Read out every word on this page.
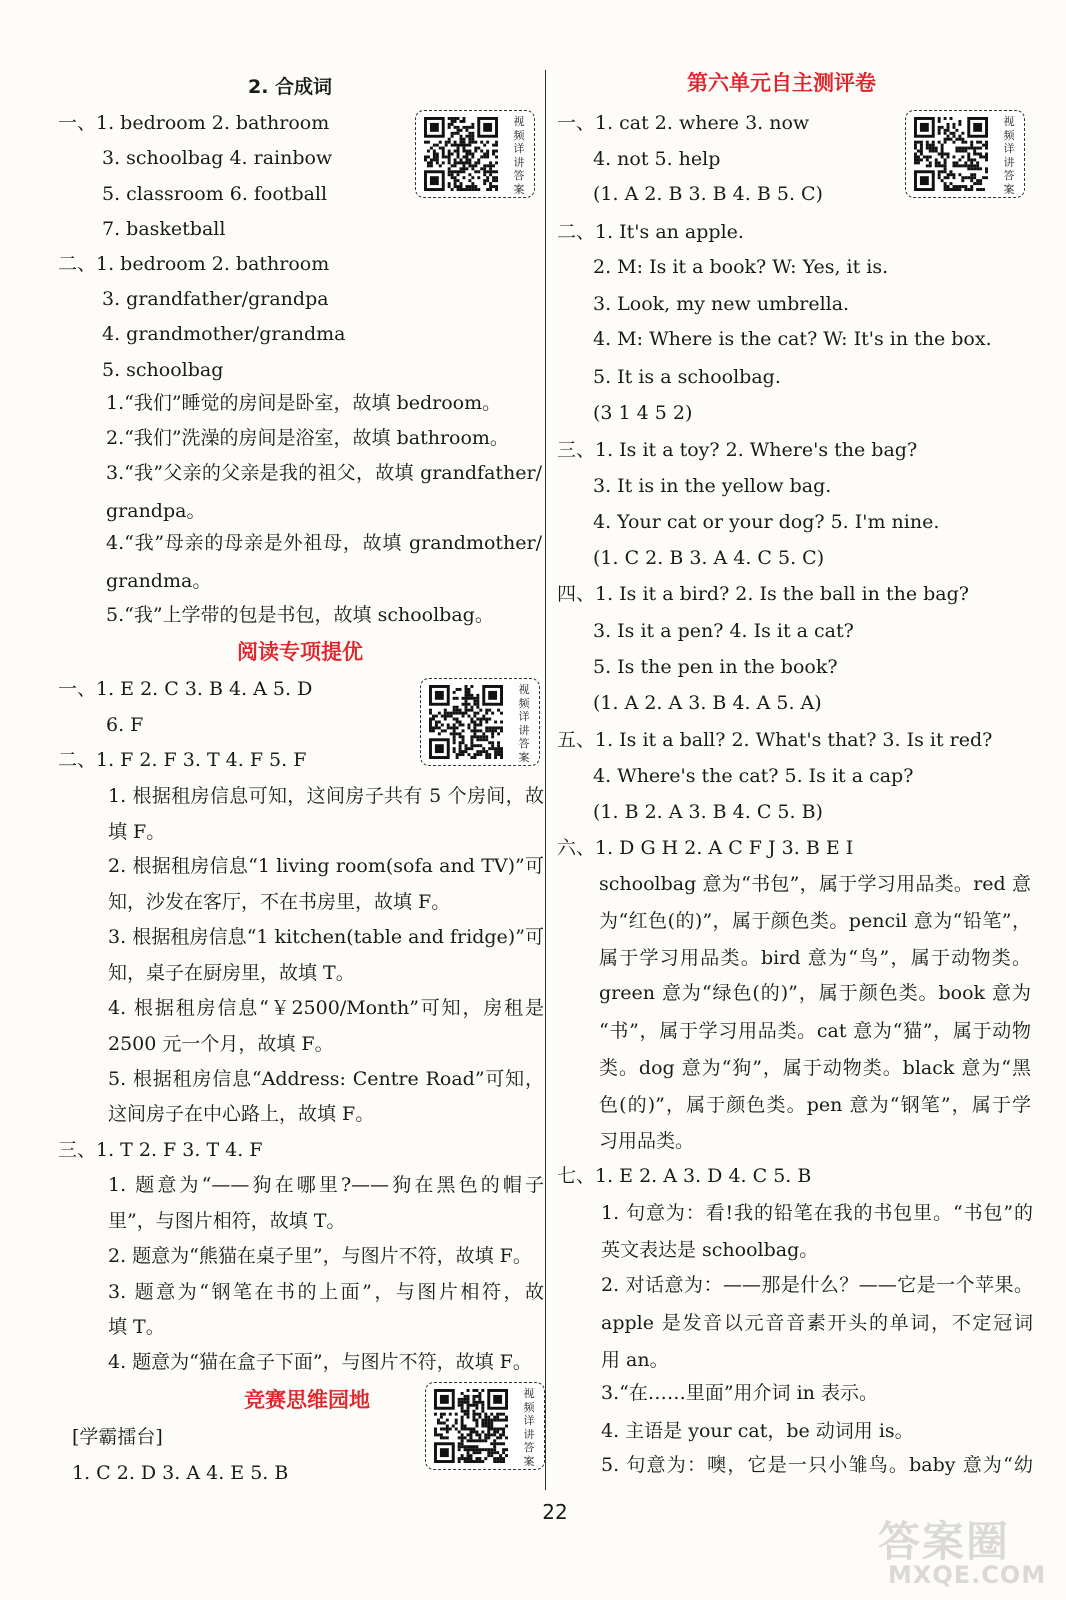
2. 合成词
一、1. bedroom 2. bathroom
3. schoolbag 4. rainbow
5. classroom 6. football
7. basketball
二、1. bedroom 2. bathroom
3. grandfather/grandpa
4. grandmother/grandma
5. schoolbag
1.“我们”睡觉的房间是卧室，故填 bedroom。
2.“我们”洗澡的房间是浴室，故填 bathroom。
3.“我”父亲的父亲是我的祖父，故填 grandfather/
grandpa。
4.“我”母亲的母亲是外祖母，故填 grandmother/
grandma。
5.“我”上学带的包是书包，故填 schoolbag。
阅读专项提优
一、1. E 2. C 3. B 4. A 5. D
6. F
二、1. F 2. F 3. T 4. F 5. F
1. 根据租房信息可知，这间房子共有 5 个房间，故
填 F。
2. 根据租房信息“1 living room(sofa and TV)”可
知，沙发在客厅，不在书房里，故填 F。
3. 根据租房信息“1 kitchen(table and fridge)”可
知，桌子在厨房里，故填 T。
4. 根据租房信息“￥2500/Month”可知，房租是
2500 元一个月，故填 F。
5. 根据租房信息“Address: Centre Road”可知，
这间房子在中心路上，故填 F。
三、1. T 2. F 3. T 4. F
1. 题意为“——狗在哪里?——狗在黑色的帽子
里”，与图片相符，故填 T。
2. 题意为“熊猫在桌子里”，与图片不符，故填 F。
3. 题意为“钢笔在书的上面”，与图片相符，故
填 T。
4. 题意为“猫在盒子下面”，与图片不符，故填 F。
竞赛思维园地
[学霸擂台]
1. C 2. D 3. A 4. E 5. B
第六单元自主测评卷
一、1. cat 2. where 3. now
4. not 5. help
(1. A 2. B 3. B 4. B 5. C)
二、1. It's an apple.
2. M: Is it a book? W: Yes, it is.
3. Look, my new umbrella.
4. M: Where is the cat? W: It's in the box.
5. It is a schoolbag.
(3 1 4 5 2)
三、1. Is it a toy? 2. Where's the bag?
3. It is in the yellow bag.
4. Your cat or your dog? 5. I'm nine.
(1. C 2. B 3. A 4. C 5. C)
四、1. Is it a bird? 2. Is the ball in the bag?
3. Is it a pen? 4. Is it a cat?
5. Is the pen in the book?
(1. A 2. A 3. B 4. A 5. A)
五、1. Is it a ball? 2. What's that? 3. Is it red?
4. Where's the cat? 5. Is it a cap?
(1. B 2. A 3. B 4. C 5. B)
六、1. D G H 2. A C F J 3. B E I
schoolbag 意为“书包”，属于学习用品类。red 意
为“红色(的)”，属于颜色类。pencil 意为“铅笔”，
属于学习用品类。bird 意为“鸟”，属于动物类。
green 意为“绿色(的)”，属于颜色类。book 意为
“书”，属于学习用品类。cat 意为“猫”，属于动物
类。dog 意为“狗”，属于动物类。black 意为“黑
色(的)”，属于颜色类。pen 意为“钢笔”，属于学
习用品类。
七、1. E 2. A 3. D 4. C 5. B
1. 句意为：看!我的铅笔在我的书包里。“书包”的
英文表达是 schoolbag。
2. 对话意为：——那是什么？——它是一个苹果。
apple 是发音以元音音素开头的单词，不定冠词
用 an。
3.“在……里面”用介词 in 表示。
4. 主语是 your cat，be 动词用 is。
5. 句意为：噢，它是一只小雏鸟。baby 意为“幼
视频详讲答案
视频详讲答案
视频详讲答案
视频详讲答案
22
答案圈
MXQE.COM
